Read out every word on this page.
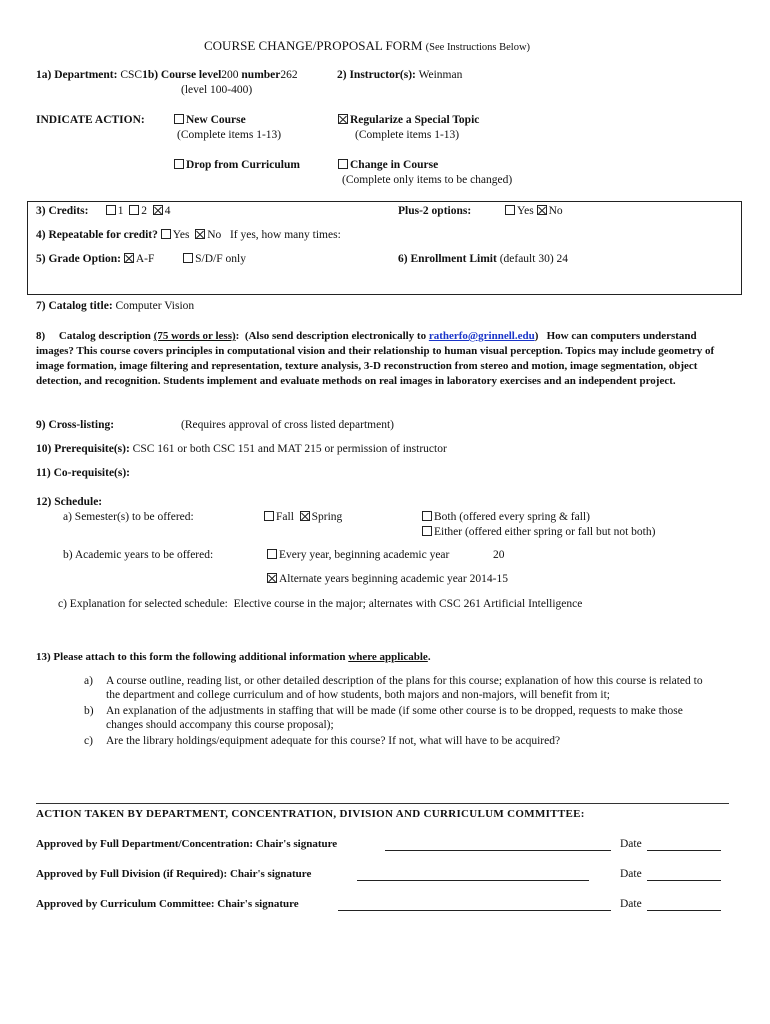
COURSE CHANGE/PROPOSAL FORM (See Instructions Below)
1a) Department: CSC1b) Course level200 number262	2) Instructor(s): Weinman
(level 100-400)
INDICATE ACTION:	New Course
(Complete items 1-13)
Regularize a Special Topic
(Complete items 1-13)
Drop from Curriculum	Change in Course
(Complete only items to be changed)
3) Credits:	1 2 4	Plus-2 options:	Yes No
4) Repeatable for credit? Yes No If yes, how many times:
5) Grade Option: A-F	S/D/F only	6) Enrollment Limit (default 30) 24
7) Catalog title: Computer Vision
8) Catalog description (75 words or less): (Also send description electronically to ratherfo@grinnell.edu) How can computers understand images? This course covers principles in computational vision and their relationship to human visual perception. Topics may include geometry of image formation, image filtering and representation, texture analysis, 3-D reconstruction from stereo and motion, image segmentation, object detection, and recognition. Students implement and evaluate methods on real images in laboratory exercises and an independent project.
9) Cross-listing:	(Requires approval of cross listed department)
10) Prerequisite(s): CSC 161 or both CSC 151 and MAT 215 or permission of instructor
11) Co-requisite(s):
12) Schedule:
a) Semester(s) to be offered:	Fall Spring	Both (offered every spring & fall)
Either (offered either spring or fall but not both)
b) Academic years to be offered:	Every year, beginning academic year	20
Alternate years beginning academic year 2014-15
c) Explanation for selected schedule: Elective course in the major; alternates with CSC 261 Artificial Intelligence
13) Please attach to this form the following additional information where applicable.
a)	A course outline, reading list, or other detailed description of the plans for this course; explanation of how this course is related to the department and college curriculum and of how students, both majors and non-majors, will benefit from it;
b)	An explanation of the adjustments in staffing that will be made (if some other course is to be dropped, requests to make those changes should accompany this course proposal);
c)	Are the library holdings/equipment adequate for this course? If not, what will have to be acquired?
ACTION TAKEN BY DEPARTMENT, CONCENTRATION, DIVISION AND CURRICULUM COMMITTEE:
Approved by Full Department/Concentration: Chair's signature	Date
Approved by Full Division (if Required): Chair's signature	Date
Approved by Curriculum Committee: Chair's signature	Date
